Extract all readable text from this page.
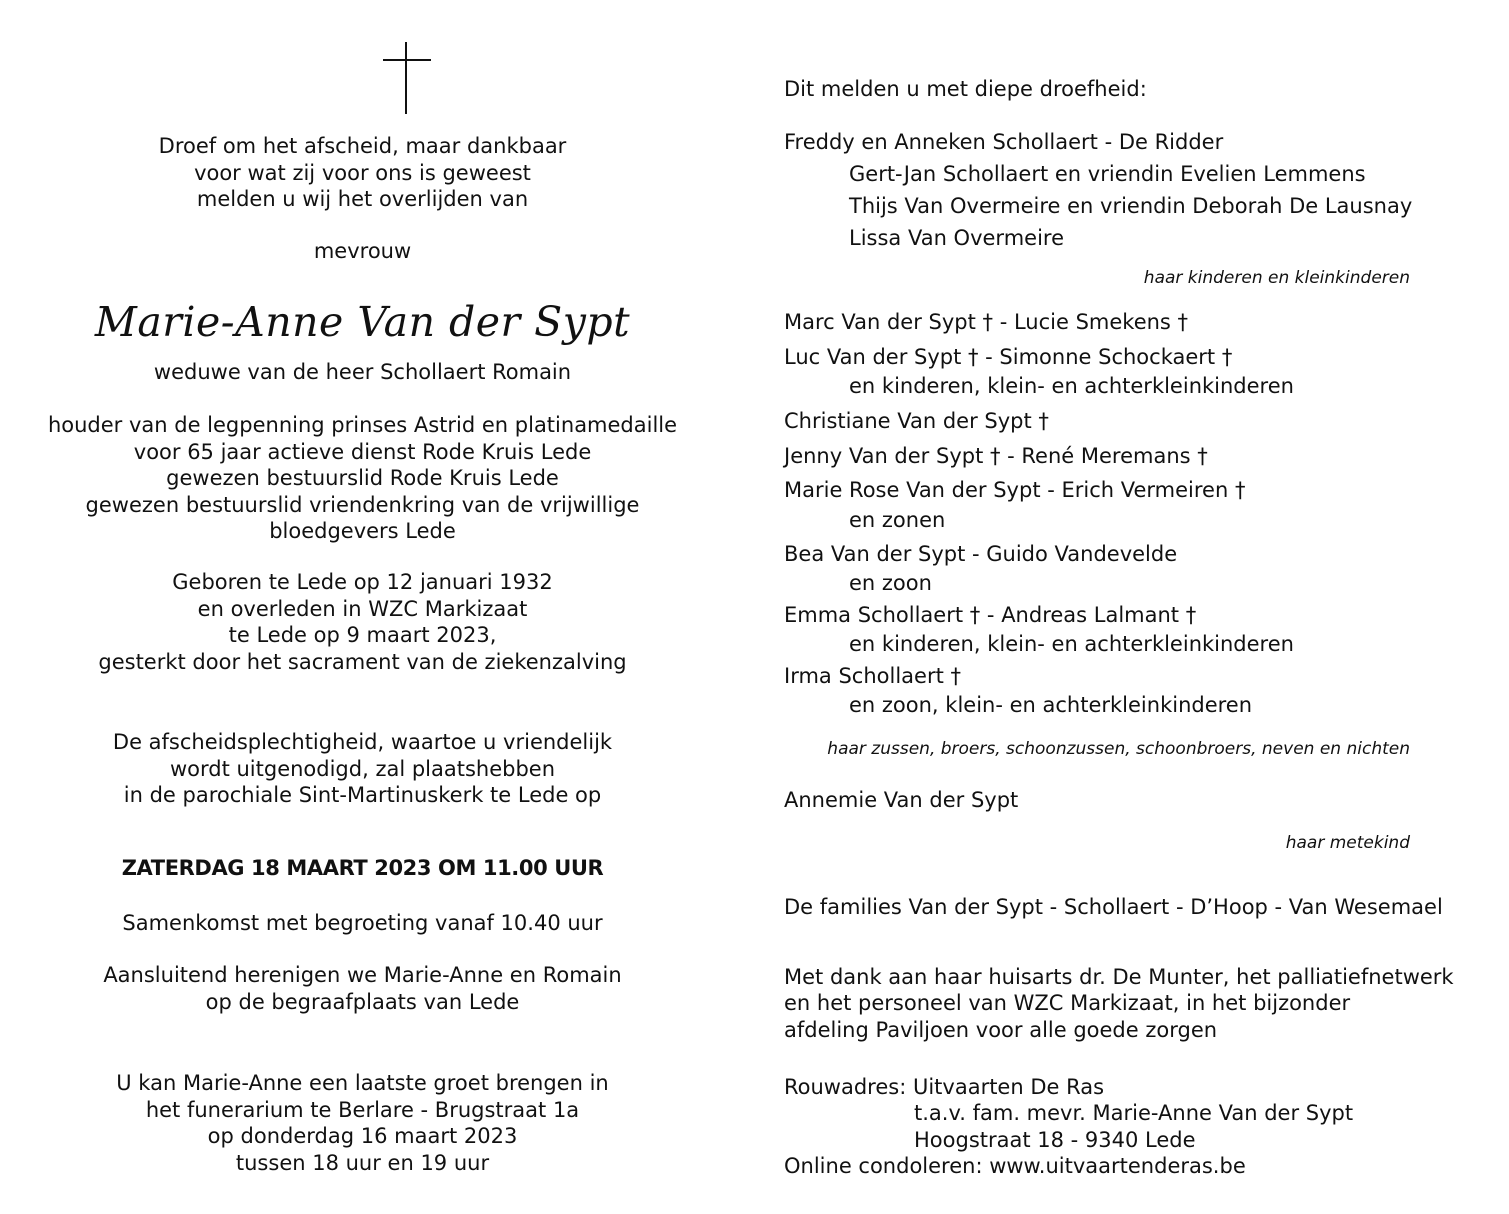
Droef om het afscheid, maar dankbaar
voor wat zij voor ons is geweest
melden u wij het overlijden van
mevrouw
Marie-Anne Van der Sypt
weduwe van de heer Schollaert Romain
houder van de legpenning prinses Astrid en platinamedaille
voor 65 jaar actieve dienst Rode Kruis Lede
gewezen bestuurslid Rode Kruis Lede
gewezen bestuurslid vriendenkring van de vrijwillige
bloedgevers Lede
Geboren te Lede op 12 januari 1932
en overleden in WZC Markizaat
te Lede op 9 maart 2023,
gesterkt door het sacrament van de ziekenzalving
De afscheidsplechtigheid, waartoe u vriendelijk
wordt uitgenodigd, zal plaatshebben
in de parochiale Sint-Martinuskerk te Lede op
ZATERDAG 18 MAART 2023 OM 11.00 UUR
Samenkomst met begroeting vanaf 10.40 uur
Aansluitend herenigen we Marie-Anne en Romain
op de begraafplaats van Lede
U kan Marie-Anne een laatste groet brengen in
het funerarium te Berlare - Brugstraat 1a
op donderdag 16 maart 2023
tussen 18 uur en 19 uur
Dit melden u met diepe droefheid:
Freddy en Anneken Schollaert - De Ridder
Gert-Jan Schollaert en vriendin Evelien Lemmens
Thijs Van Overmeire en vriendin Deborah De Lausnay
Lissa Van Overmeire
haar kinderen en kleinkinderen
Marc Van der Sypt † - Lucie Smekens †
Luc Van der Sypt † - Simonne Schockaert †
en kinderen, klein- en achterkleinkinderen
Christiane Van der Sypt †
Jenny Van der Sypt † - René Meremans †
Marie Rose Van der Sypt - Erich Vermeiren †
en zonen
Bea Van der Sypt - Guido Vandevelde
en zoon
Emma Schollaert † - Andreas Lalmant †
en kinderen, klein- en achterkleinkinderen
Irma Schollaert †
en zoon, klein- en achterkleinkinderen
haar zussen, broers, schoonzussen, schoonbroers, neven en nichten
Annemie Van der Sypt
haar metekind
De families Van der Sypt - Schollaert - D’Hoop - Van Wesemael
Met dank aan haar huisarts dr. De Munter, het palliatiefnetwerk
en het personeel van WZC Markizaat, in het bijzonder
afdeling Paviljoen voor alle goede zorgen
Rouwadres: Uitvaarten De Ras
t.a.v. fam. mevr. Marie-Anne Van der Sypt
Hoogstraat 18 - 9340 Lede
Online condoleren: www.uitvaartenderas.be
